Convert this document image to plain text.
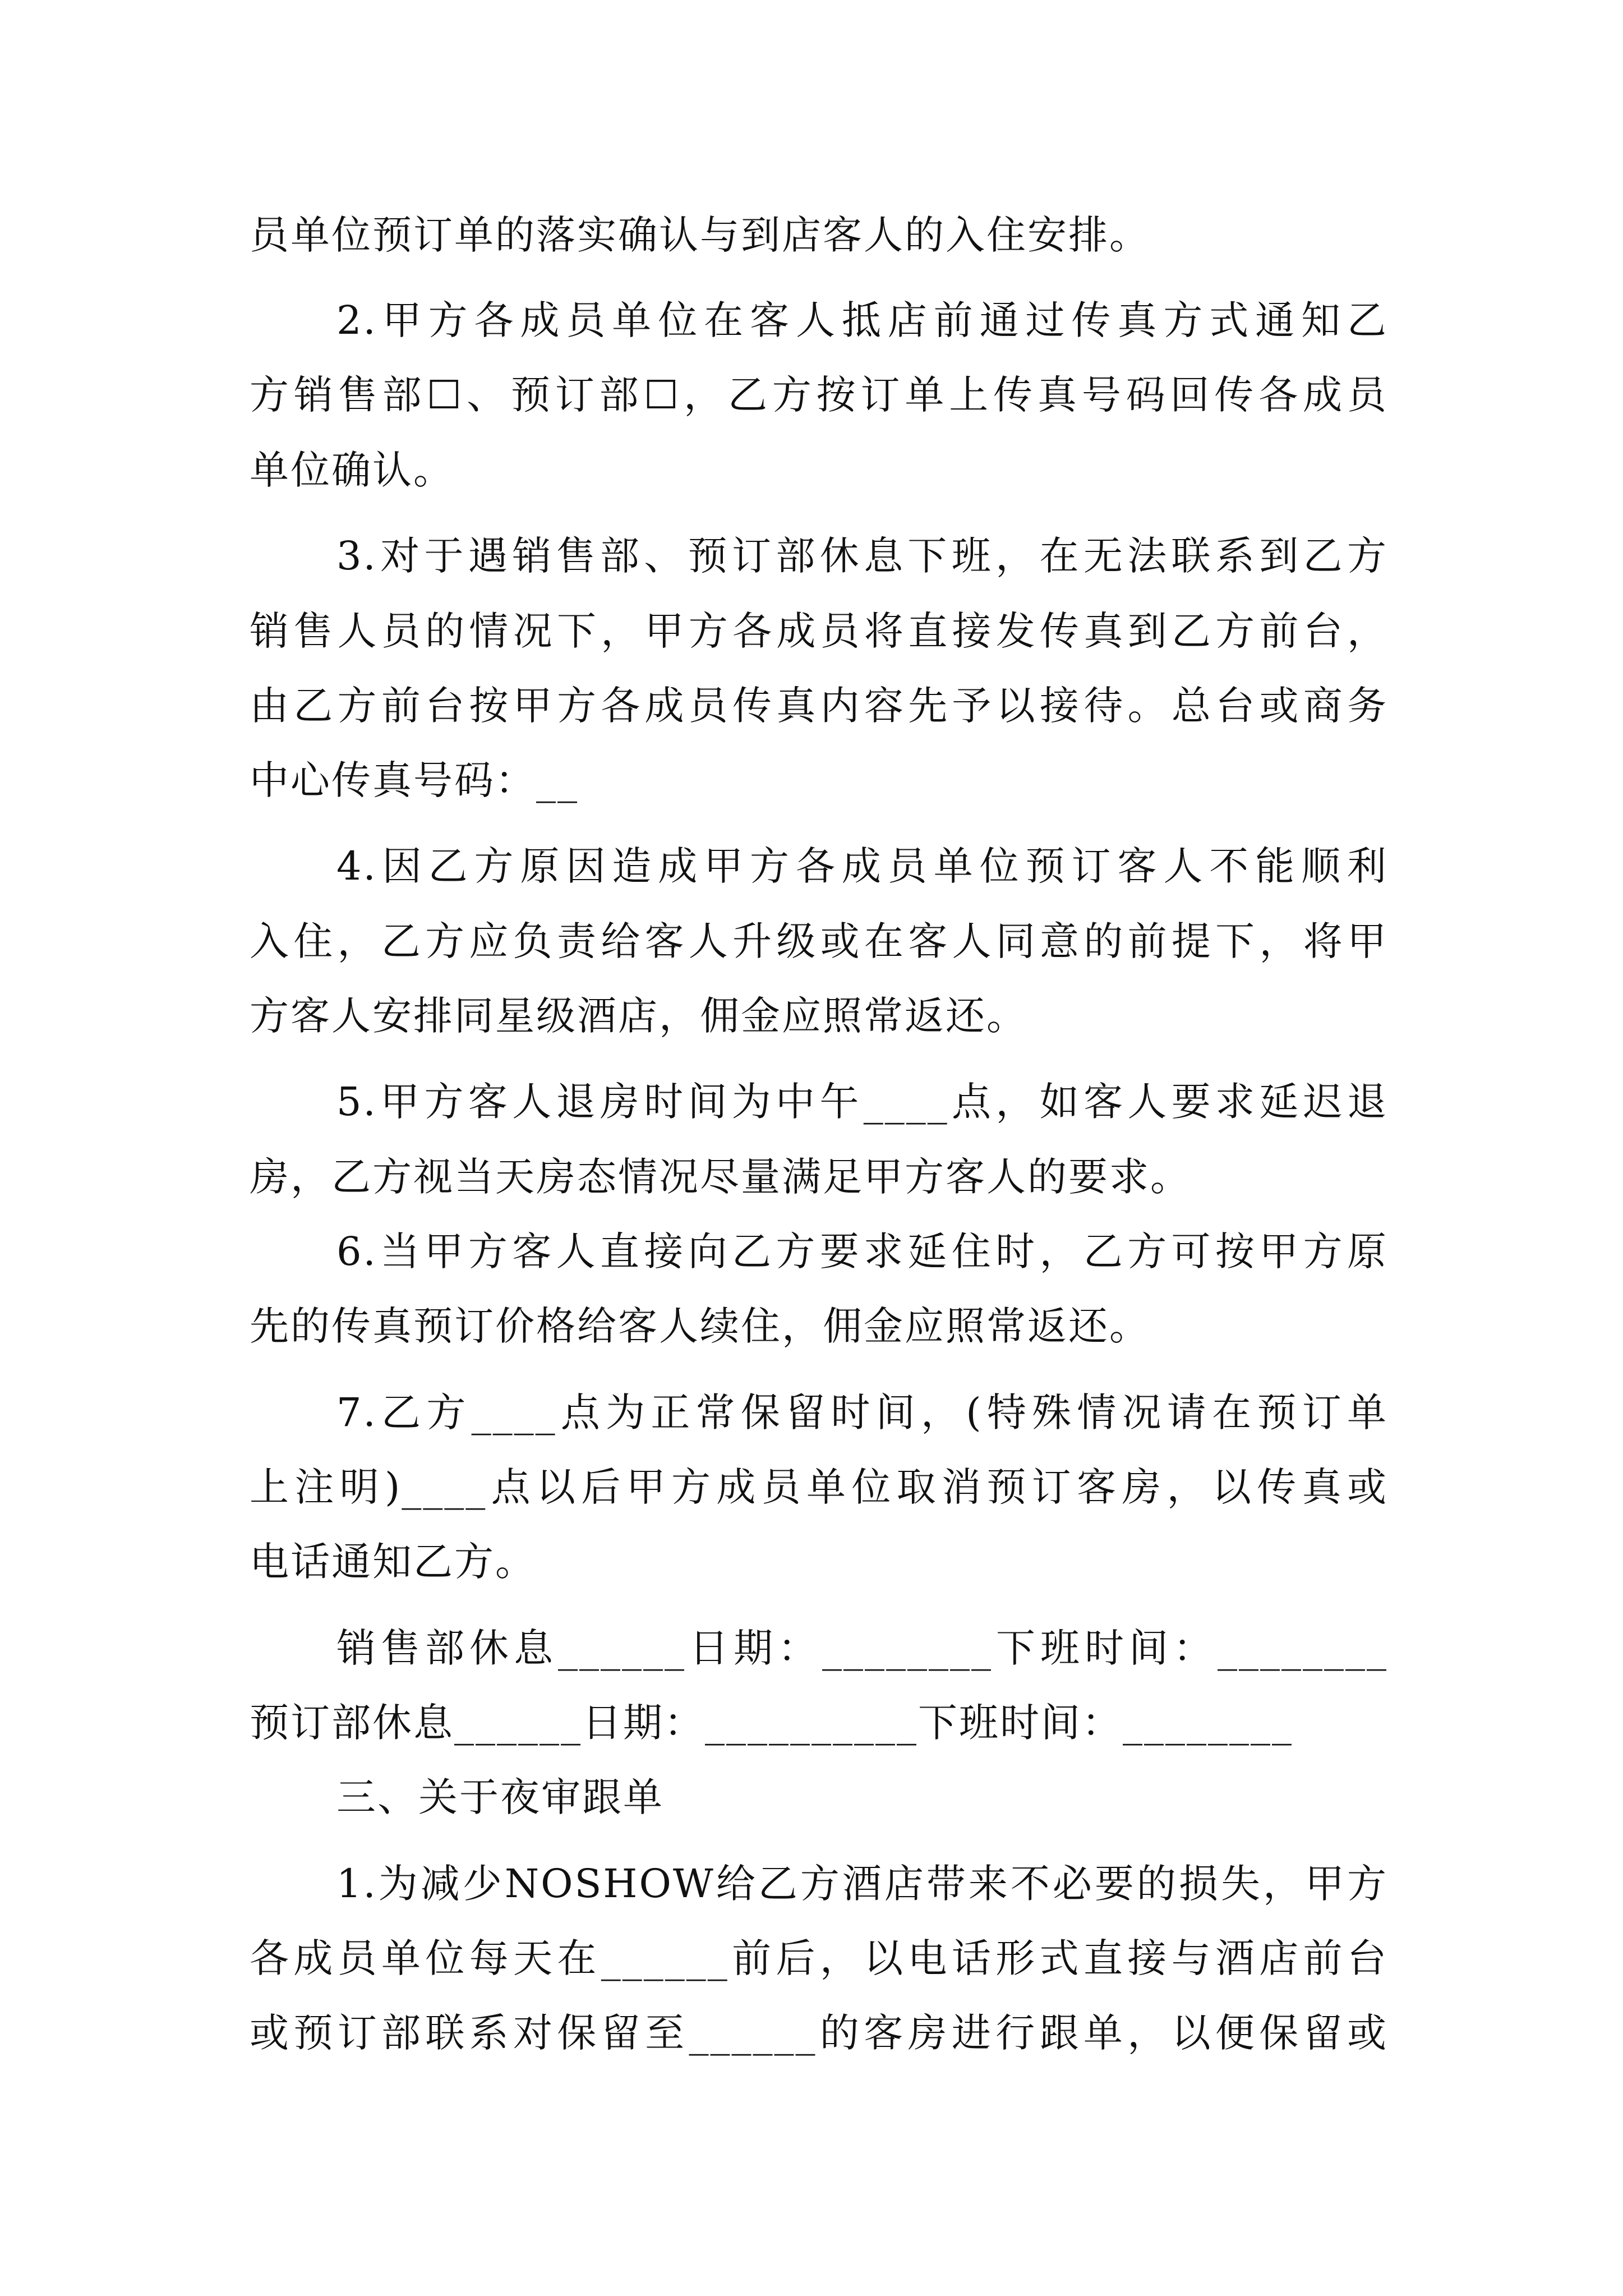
员单位预订单的落实确认与到店客人的入住安排。
2.甲方各成员单位在客人抵店前通过传真方式通知乙
方销售部☐、预订部☐，乙方按订单上传真号码回传各成员
单位确认。
3.对于遇销售部、预订部休息下班，在无法联系到乙方
销售人员的情况下，甲方各成员将直接发传真到乙方前台，
由乙方前台按甲方各成员传真内容先予以接待。总台或商务
中心传真号码：__
4.因乙方原因造成甲方各成员单位预订客人不能顺利
入住，乙方应负责给客人升级或在客人同意的前提下，将甲
方客人安排同星级酒店，佣金应照常返还。
5.甲方客人退房时间为中午____点，如客人要求延迟退
房，乙方视当天房态情况尽量满足甲方客人的要求。
6.当甲方客人直接向乙方要求延住时，乙方可按甲方原
先的传真预订价格给客人续住，佣金应照常返还。
7.乙方____点为正常保留时间，(特殊情况请在预订单
上注明)____点以后甲方成员单位取消预订客房，以传真或
电话通知乙方。
销售部休息______日期：________下班时间：________
预订部休息______日期：__________下班时间：________
三、关于夜审跟单
1.为减少NOSHOW给乙方酒店带来不必要的损失，甲方
各成员单位每天在______前后，以电话形式直接与酒店前台
或预订部联系对保留至______的客房进行跟单，以便保留或
